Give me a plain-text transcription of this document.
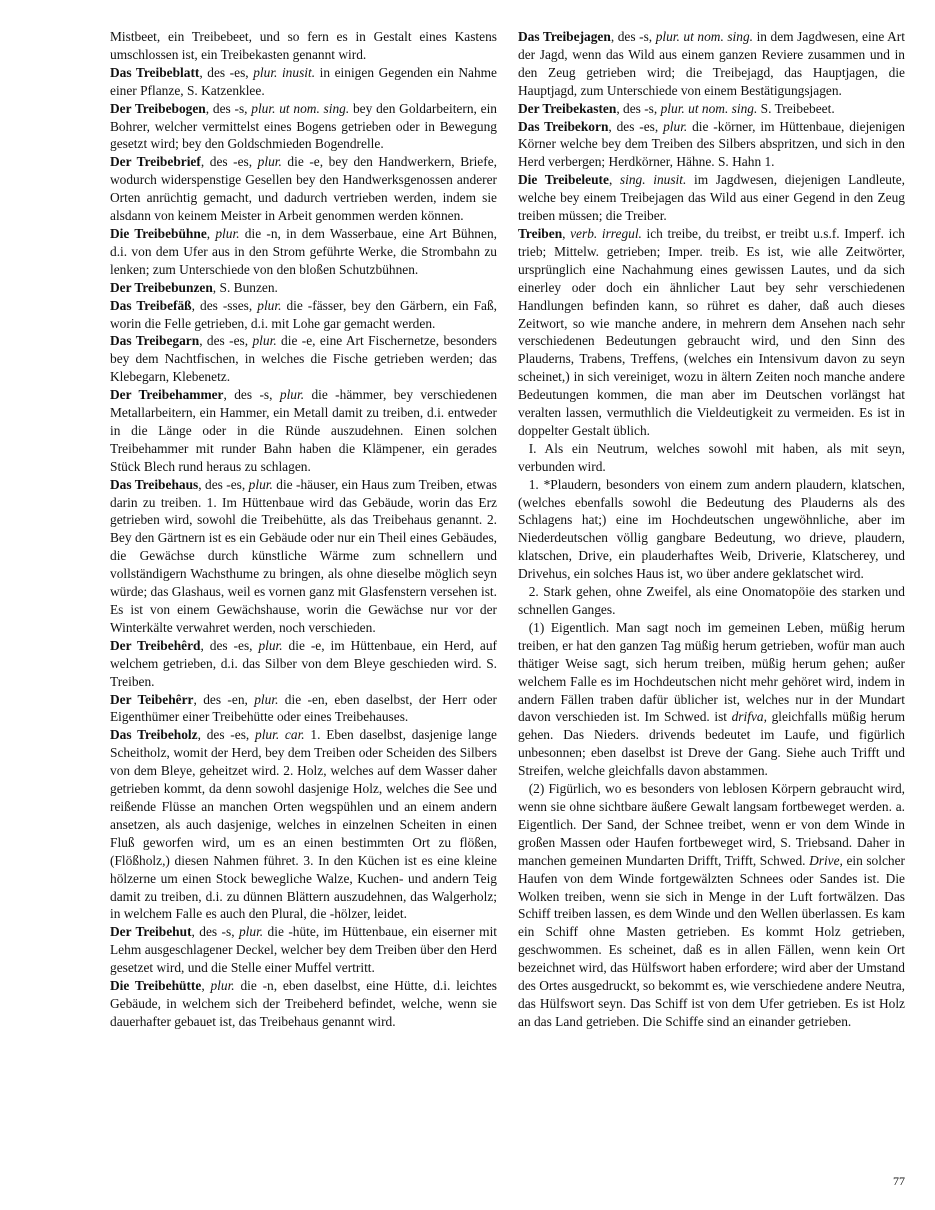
Mistbeet, ein Treibebeet, und so fern es in Gestalt eines Kastens umschlossen ist, ein Treibekasten genannt wird.

Das Treibeblatt, des -es, plur. inusit. in einigen Gegenden ein Nahme einer Pflanze, S. Katzenklee.

Der Treibebogen, des -s, plur. ut nom. sing. bey den Goldarbeitern, ein Bohrer, welcher vermittelst eines Bogens getrieben oder in Bewegung gesetzt wird; bey den Goldschmieden Bogendrelle.

Der Treibebrief, des -es, plur. die -e, bey den Handwerkern, Briefe, wodurch widerspenstige Gesellen bey den Handwerksgenossen anderer Orten anrüchtig gemacht, und dadurch vertrieben werden, indem sie alsdann von keinem Meister in Arbeit genommen werden können.

Die Treibebühne, plur. die -n, in dem Wasserbaue, eine Art Bühnen, d.i. von dem Ufer aus in den Strom geführte Werke, die Strombahn zu lenken; zum Unterschiede von den bloßen Schutzbühnen.

Der Treibebunzen, S. Bunzen.

Das Treibefäß, des -sses, plur. die -fässer, bey den Gärbern, ein Faß, worin die Felle getrieben, d.i. mit Lohe gar gemacht werden.

Das Treibegarn, des -es, plur. die -e, eine Art Fischernetze, besonders bey dem Nachtfischen, in welches die Fische getrieben werden; das Klebegarn, Klebenetz.

Der Treibehammer, des -s, plur. die -hämmer, bey verschiedenen Metallarbeitern, ein Hammer, ein Metall damit zu treiben, d.i. entweder in die Länge oder in die Ründe auszudehnen. Einen solchen Treibehammer mit runder Bahn haben die Klämpener, ein gerades Stück Blech rund heraus zu schlagen.

Das Treibehaus, des -es, plur. die -häuser, ein Haus zum Treiben, etwas darin zu treiben. 1. Im Hüttenbaue wird das Gebäude, worin das Erz getrieben wird, sowohl die Treibehütte, als das Treibehaus genannt. 2. Bey den Gärtnern ist es ein Gebäude oder nur ein Theil eines Gebäudes, die Gewächse durch künstliche Wärme zum schnellern und vollständigern Wachsthume zu bringen, als ohne dieselbe möglich seyn würde; das Glashaus, weil es vornen ganz mit Glasfenstern versehen ist. Es ist von einem Gewächshause, worin die Gewächse nur vor der Winterkälte verwahret werden, noch verschieden.

Der Treibehêrd, des -es, plur. die -e, im Hüttenbaue, ein Herd, auf welchem getrieben, d.i. das Silber von dem Bleye geschieden wird. S. Treiben.

Der Teibehêrr, des -en, plur. die -en, eben daselbst, der Herr oder Eigenthümer einer Treibehütte oder eines Treibehauses.

Das Treibeholz, des -es, plur. car. 1. Eben daselbst, dasjenige lange Scheitholz, womit der Herd, bey dem Treiben oder Scheiden des Silbers von dem Bleye, geheitzet wird. 2. Holz, welches auf dem Wasser daher getrieben kommt, da denn sowohl dasjenige Holz, welches die See und reißende Flüsse an manchen Orten wegspühlen und an einem andern ansetzen, als auch dasjenige, welches in einzelnen Scheiten in einen Fluß geworfen wird, um es an einen bestimmten Ort zu flößen, (Flößholz,) diesen Nahmen führet. 3. In den Küchen ist es eine kleine hölzerne um einen Stock bewegliche Walze, Kuchen- und andern Teig damit zu treiben, d.i. zu dünnen Blättern auszudehnen, das Walgerholz; in welchem Falle es auch den Plural, die -hölzer, leidet.

Der Treibehut, des -s, plur. die -hüte, im Hüttenbaue, ein eiserner mit Lehm ausgeschlagener Deckel, welcher bey dem Treiben über den Herd gesetzet wird, und die Stelle einer Muffel vertritt.

Die Treibehütte, plur. die -n, eben daselbst, eine Hütte, d.i. leichtes Gebäude, in welchem sich der Treibeherd befindet, welche, wenn sie dauerhafter gebauet ist, das Treibehaus genannt wird.

Das Treibejagen, des -s, plur. ut nom. sing. in dem Jagdwesen, eine Art der Jagd, wenn das Wild aus einem ganzen Reviere zusammen und in den Zeug getrieben wird; die Treibejagd, das Hauptjagen, die Hauptjagd, zum Unterschiede von einem Bestätigungsjagen.

Der Treibekasten, des -s, plur. ut nom. sing. S. Treibebeet.

Das Treibekorn, des -es, plur. die -körner, im Hüttenbaue, diejenigen Körner welche bey dem Treiben des Silbers abspritzen, und sich in den Herd verbergen; Herdkörner, Hähne. S. Hahn 1.

Die Treibeleute, sing. inusit. im Jagdwesen, diejenigen Landleute, welche bey einem Treibejagen das Wild aus einer Gegend in den Zeug treiben müssen; die Treiber.

Treiben, verb. irregul. ich treibe, du treibst, er treibt u.s.f. Imperf. ich trieb; Mittelw. getrieben; Imper. treib. Es ist, wie alle Zeitwörter, ursprünglich eine Nachahmung eines gewissen Lautes, und da sich einerley oder doch ein ähnlicher Laut bey sehr verschiedenen Handlungen befinden kann, so rühret es daher, daß auch dieses Zeitwort, so wie manche andere, in mehrern dem Ansehen nach sehr verschiedenen Bedeutungen gebraucht wird, und den Sinn des Plauderns, Trabens, Treffens, (welches ein Intensivum davon zu seyn scheinet,) in sich vereiniget, wozu in ältern Zeiten noch manche andere Bedeutungen kommen, die man aber im Deutschen vorlängst hat veralten lassen, vermuthlich die Vieldeutigkeit zu vermeiden. Es ist in doppelter Gestalt üblich.

I. Als ein Neutrum, welches sowohl mit haben, als mit seyn, verbunden wird.

1. *Plaudern, besonders von einem zum andern plaudern, klatschen, (welches ebenfalls sowohl die Bedeutung des Plauderns als des Schlagens hat;) eine im Hochdeutschen ungewöhnliche, aber im Niederdeutschen völlig gangbare Bedeutung, wo drieve, plaudern, klatschen, Drive, ein plauderhaftes Weib, Driverie, Klatscherey, und Drivehus, ein solches Haus ist, wo über andere geklatschet wird.

2. Stark gehen, ohne Zweifel, als eine Onomatopöie des starken und schnellen Ganges.

(1) Eigentlich. Man sagt noch im gemeinen Leben, müßig herum treiben, er hat den ganzen Tag müßig herum getrieben, wofür man auch thätiger Weise sagt, sich herum treiben, müßig herum gehen; außer welchem Falle es im Hochdeutschen nicht mehr gehöret wird, indem in andern Fällen traben dafür üblicher ist, welches nur in der Mundart davon verschieden ist. Im Schwed. ist drifva, gleichfalls müßig herum gehen. Das Nieders. drivends bedeutet im Laufe, und figürlich unbesonnen; eben daselbst ist Dreve der Gang. Siehe auch Trifft und Streifen, welche gleichfalls davon abstammen.

(2) Figürlich, wo es besonders von leblosen Körpern gebraucht wird, wenn sie ohne sichtbare äußere Gewalt langsam fortbeweget werden. a. Eigentlich. Der Sand, der Schnee treibet, wenn er von dem Winde in großen Massen oder Haufen fortbeweget wird, S. Triebsand. Daher in manchen gemeinen Mundarten Drifft, Trifft, Schwed. Drive, ein solcher Haufen von dem Winde fortgewälzten Schnees oder Sandes ist. Die Wolken treiben, wenn sie sich in Menge in der Luft fortwälzen. Das Schiff treiben lassen, es dem Winde und den Wellen überlassen. Es kam ein Schiff ohne Masten getrieben. Es kommt Holz getrieben, geschwommen. Es scheinet, daß es in allen Fällen, wenn kein Ort bezeichnet wird, das Hülfswort haben erfordere; wird aber der Umstand des Ortes ausgedruckt, so bekommt es, wie verschiedene andere Neutra, das Hülfswort seyn. Das Schiff ist von dem Ufer getrieben. Es ist Holz an das Land getrieben. Die Schiffe sind an einander getrieben.

77
